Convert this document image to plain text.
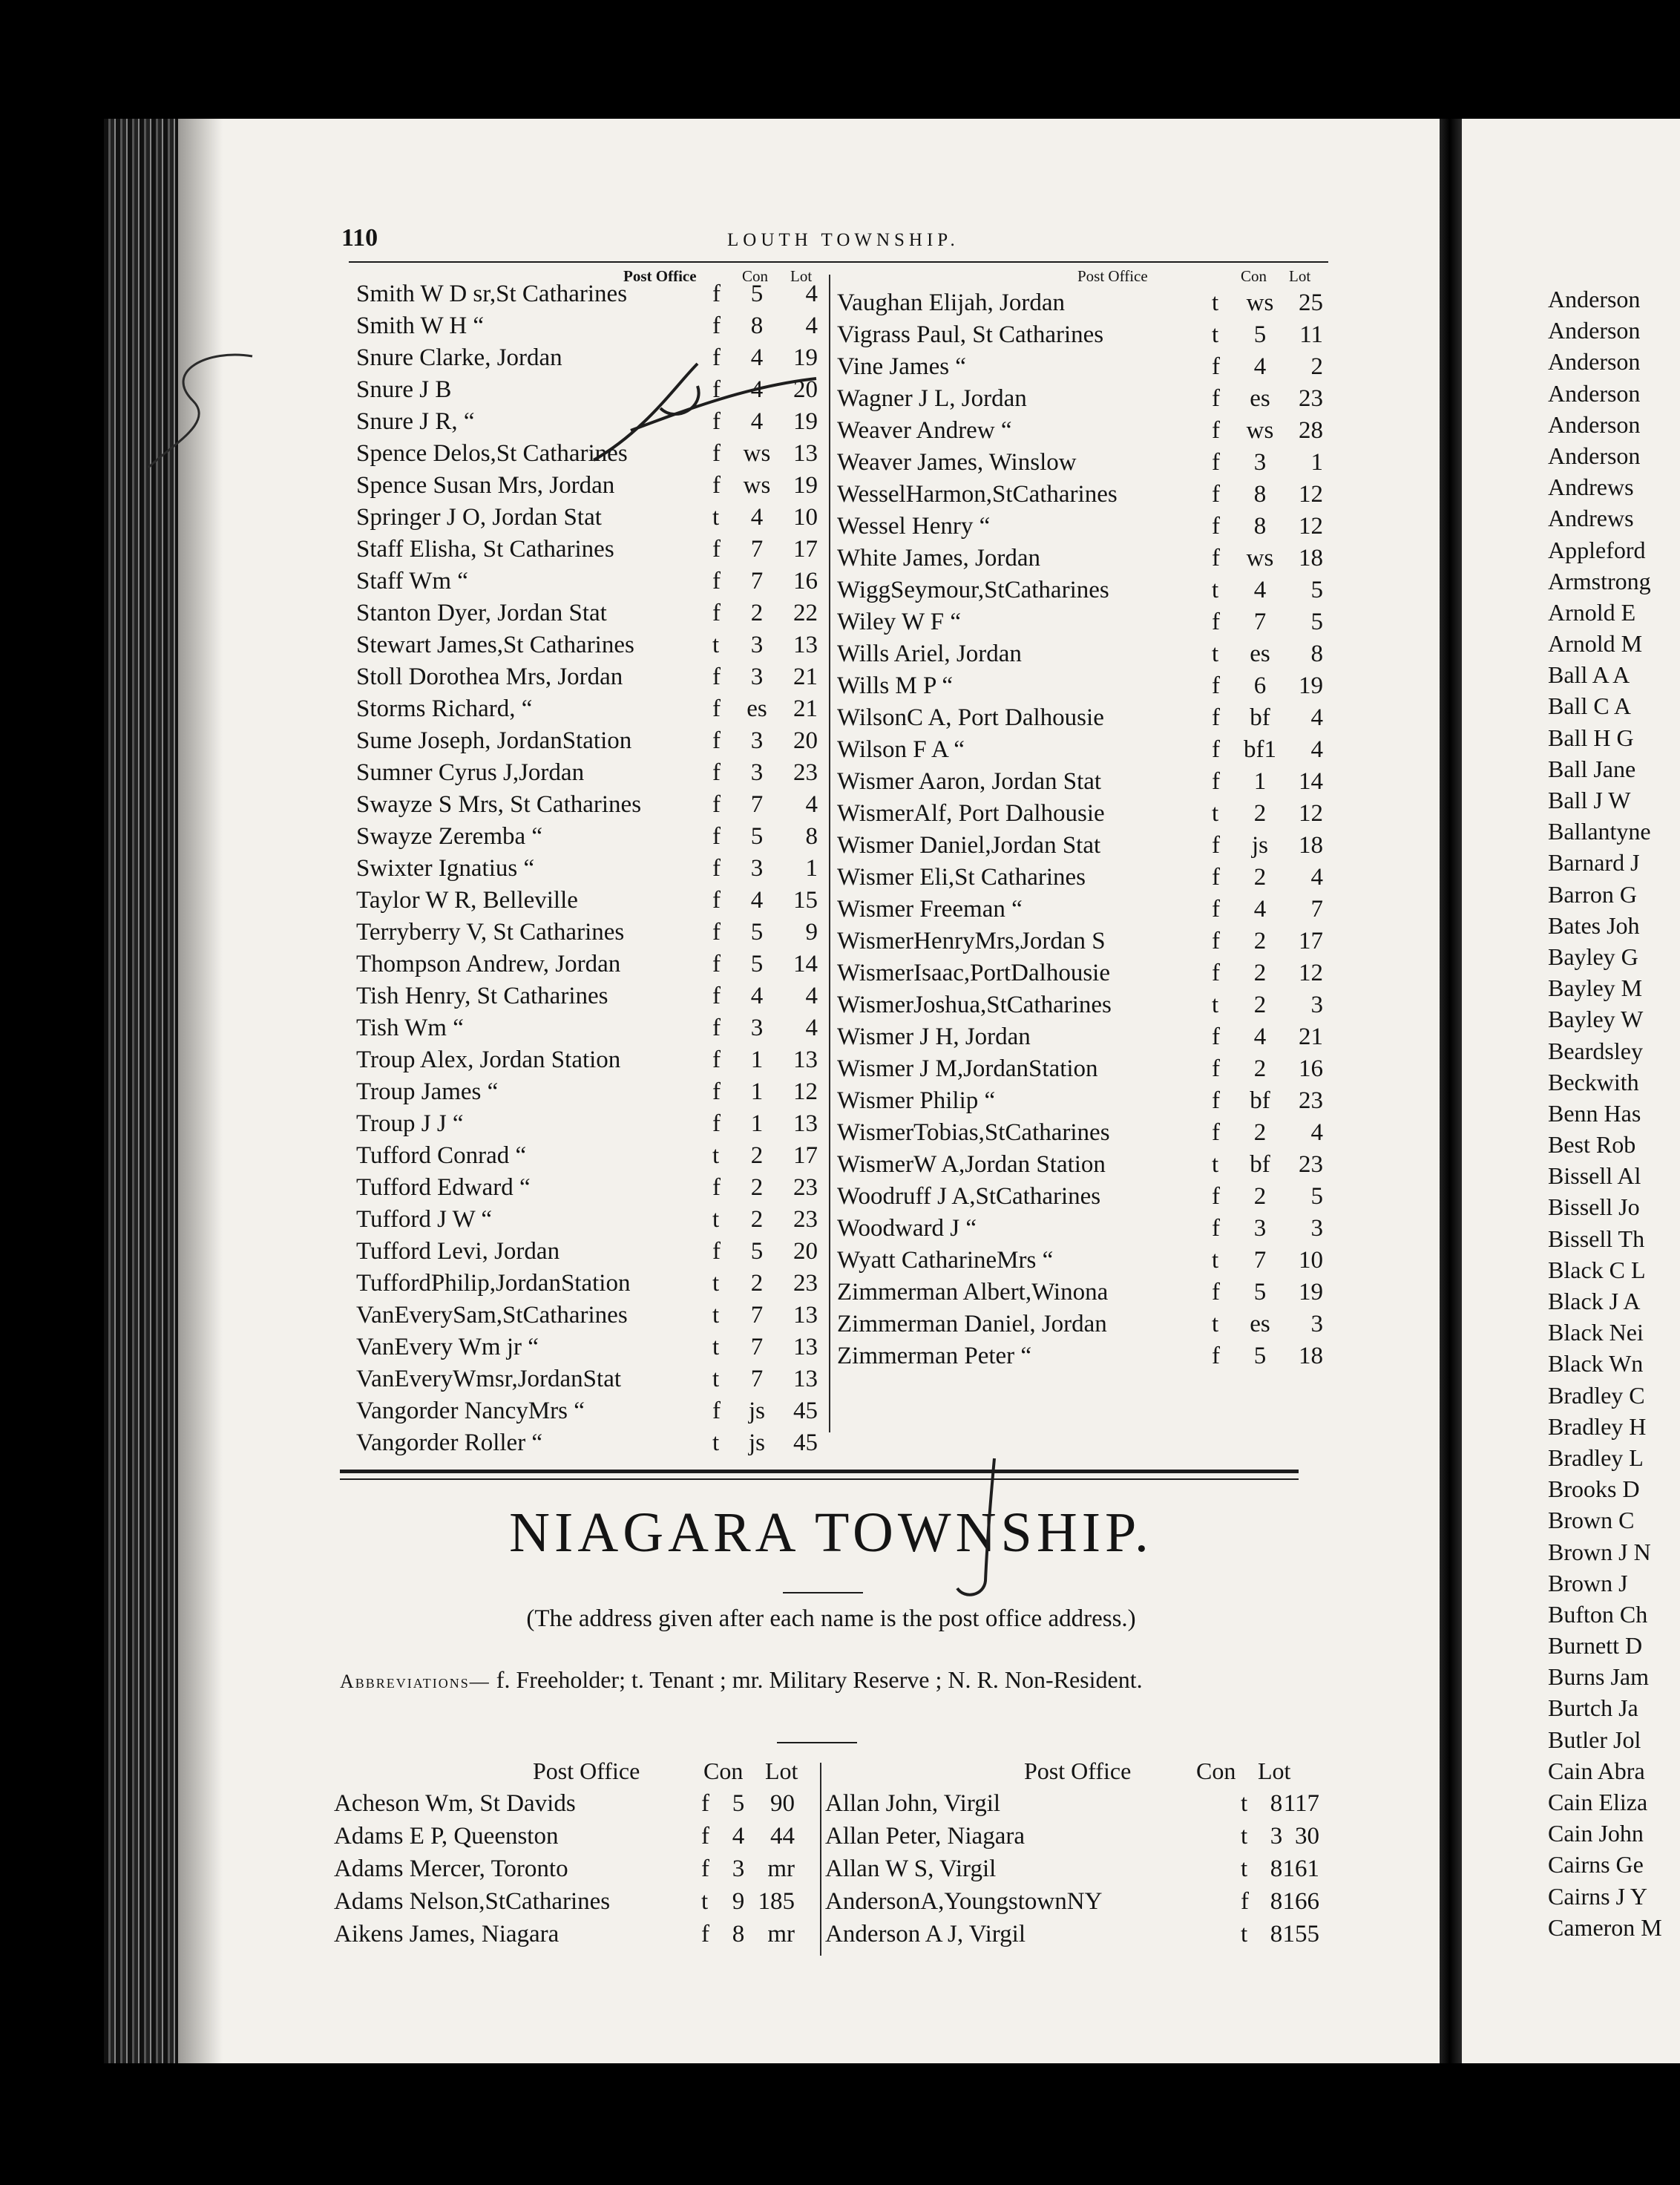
110	LOUTH TOWNSHIP.
Post Office	Con Lot	Post Office	Con Lot
Smith W D sr,St Catharines	f	5	4
Smith W H “	f	8	4
Snure Clarke, Jordan	f	4	19
Snure J B	f	4	20
Snure J R, “	f	4	19
Spence Delos,St Catharines	f ws 13
Spence Susan Mrs, Jordan	f ws 19
Springer J O, Jordan Stat	t	4	10
Staff Elisha, St Catharines	f	7	17
Staff Wm “	f	7	16
Stanton Dyer, Jordan Stat	f	2	22
Stewart James,St Catharines	t	3	13
Stoll Dorothea Mrs, Jordan	f	3	21
Storms Richard, “	f	es	21
Sume Joseph, JordanStation	f	3	20
Sumner Cyrus J,Jordan	f	3	23
Swayze S Mrs, St Catharines	f	7	4
Swayze Zeremba “	f	5	8
Swixter Ignatius “	f	3	1
Taylor W R, Belleville	f	4	15
Terryberry V, St Catharines	f	5	9
Thompson Andrew, Jordan	f	5	14
Tish Henry, St Catharines	f	4	4
Tish Wm “	f	3	4
Troup Alex, Jordan Station	f	1	13
Troup James “	f	1	12
Troup J J “	f	1	13
Tufford Conrad “	t	2	17
Tufford Edward “	f	2	23
Tufford J W “	t	2	23
Tufford Levi, Jordan	f	5	20
TuffordPhilip,JordanStation	t	2	23
VanEverySam,StCatharines	t	7	13
VanEvery Wm jr “	t	7	13
VanEveryWmsr,JordanStat	t	7	13
Vangorder NancyMrs “	f	js	45
Vangorder Roller “	t	js	45
Vaughan Elijah, Jordan	t	ws	25
Vigrass Paul, St Catharines	t	5	11
Vine James “	f	4	2
Wagner J L, Jordan	f	es	23
Weaver Andrew “	f	ws	28
Weaver James, Winslow	f	3	1
WesselHarmon,StCatharines	f	8	12
Wessel Henry “	f	8	12
White James, Jordan	f	ws	18
WiggSeymour,StCatharines	t	4	5
Wiley W F “	f	7	5
Wills Ariel, Jordan	t	es	8
Wills M P “	f	6	19
WilsonC A, Port Dalhousie	f	bf	4
Wilson F A “	f bf1	4
Wismer Aaron, Jordan Stat	f	1	14
WismerAlf, Port Dalhousie	t	2	12
Wismer Daniel,Jordan Stat	f	js	18
Wismer Eli,St Catharines	f	2	4
Wismer Freeman “	f	4	7
WismerHenryMrs,Jordan S	f	2	17
WismerIsaac,PortDalhousie	f	2	12
WismerJoshua,StCatharines	t	2	3
Wismer J H, Jordan	f	4	21
Wismer J M,JordanStation	f	2	16
Wismer Philip “	f	bf	23
WismerTobias,StCatharines	f	2	4
WismerW A,Jordan Station	t	bf	23
Woodruff J A,StCatharines	f	2	5
Woodward J “	f	3	3
Wyatt CatharineMrs “	t	7	10
Zimmerman Albert,Winona	f	5	19
Zimmerman Daniel, Jordan	t	es	3
Zimmerman Peter “	f	5	18
NIAGARA TOWNSHIP.
(The address given after each name is the post office address.)
Abbreviations— f. Freeholder; t. Tenant ; mr. Military Reserve ; N. R. Non-Resident.
Post Office	Con Lot	Post Office	Con Lot
Acheson Wm, St Davids	f 5	90
Adams E P, Queenston	f 4	44
Adams Mercer, Toronto	f 3 mr
Adams Nelson,StCatharines	t 9 185
Aikens James, Niagara	f 8 mr
Allan John, Virgil	t 8 117
Allan Peter, Niagara	t 3 30
Allan W S, Virgil	t 8 161
AndersonA,YoungstownNY	f 8 166
Anderson A J, Virgil	t 8 155
Anderson
Anderson
Anderson
Anderson
Anderson
Anderson
Andrews
Andrews
Appleford
Armstrong
Arnold E
Arnold M
Ball A A
Ball C A
Ball H G
Ball Jane
Ball J W
Ballantyne
Barnard J
Barron G
Bates Joh
Bayley G
Bayley M
Bayley W
Beardsley
Beckwith
Benn Has
Best Rob
Bissell Al
Bissell Jo
Bissell Th
Black C L
Black J A
Black Nei
Black Wn
Bradley C
Bradley H
Bradley L
Brooks D
Brown C
Brown J N
Brown J
Bufton Ch
Burnett D
Burns Jam
Burtch Ja
Butler Jol
Cain Abra
Cain Eliza
Cain John
Cairns Ge
Cairns J Y
Cameron M
